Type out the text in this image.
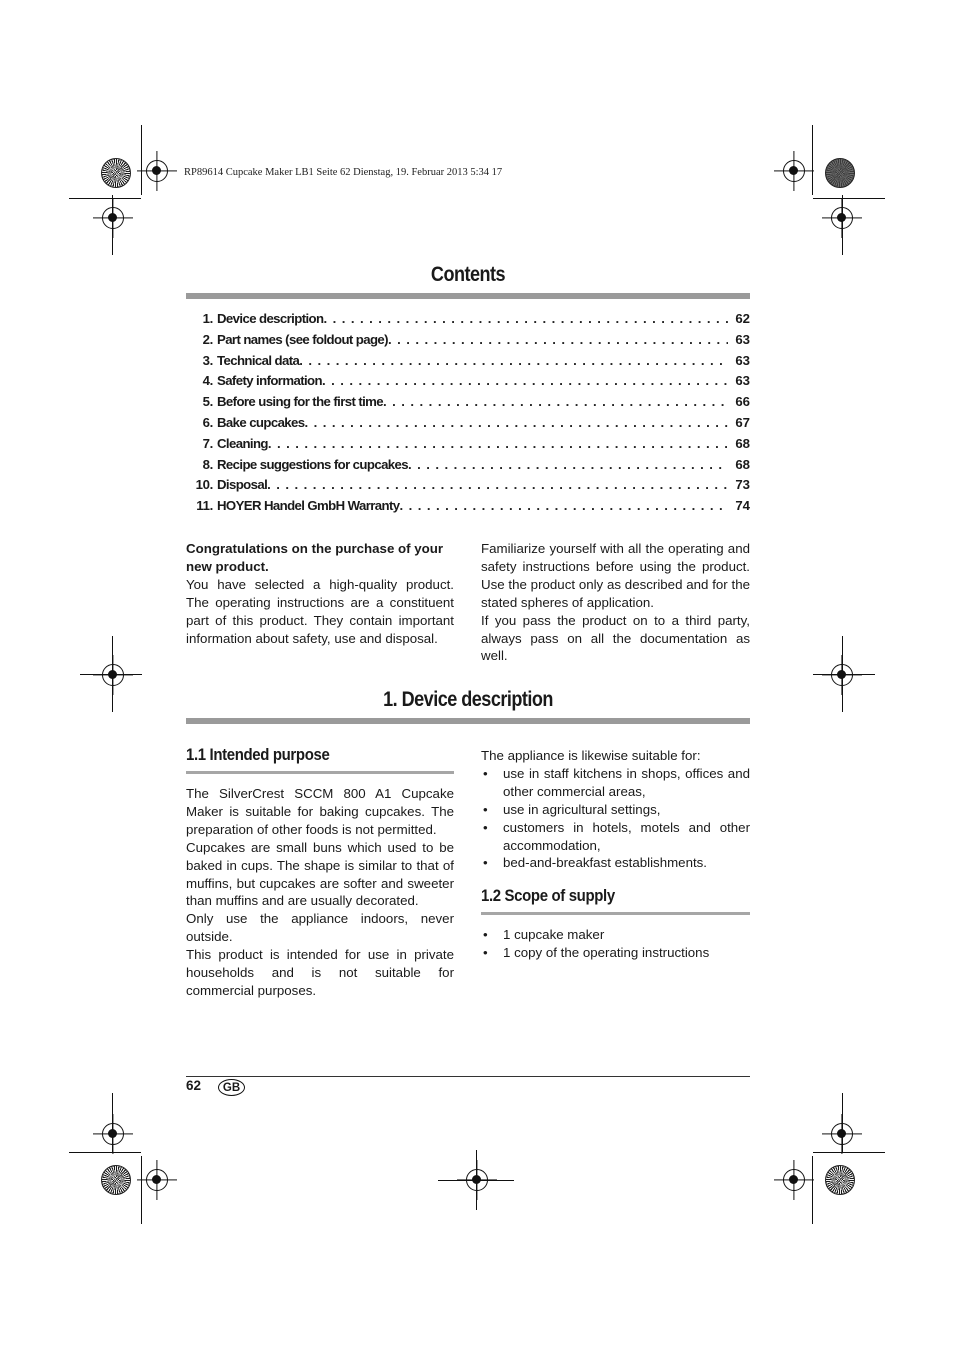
RP89614 Cupcake Maker LB1 Seite 62 Dienstag, 19. Februar 2013 5:34 17
Contents
1. Device description . . .	62
2. Part names (see foldout page) . . .	63
3. Technical data . . .	63
4. Safety information . . .	63
5. Before using for the first time . . .	66
6. Bake cupcakes . . .	67
7. Cleaning . . .	68
8. Recipe suggestions for cupcakes . . .	68
10. Disposal . . .	73
11. HOYER Handel GmbH Warranty . . .	74

Congratulations on the purchase of your new product.

You have selected a high-quality product. The operating instructions are a constituent part of this product. They contain important information about safety, use and disposal.

Familiarize yourself with all the operating and safety instructions before using the product. Use the product only as described and for the stated spheres of application.

If you pass the product on to a third party, always pass on all the documentation as well.

1. Device description
1.1 Intended purpose

The SilverCrest SCCM 800 A1 Cupcake Maker is suitable for baking cupcakes. The preparation of other foods is not permitted.

Cupcakes are small buns which used to be baked in cups. The shape is similar to that of muffins, but cupcakes are softer and sweeter than muffins and are usually decorated.

Only use the appliance indoors, never outside.

This product is intended for use in private households and is not suitable for commercial purposes.

The appliance is likewise suitable for:

• use in staff kitchens in shops, offices and other commercial areas,
• use in agricultural settings,
• customers in hotels, motels and other accommodation,
• bed-and-breakfast establishments.
1.2 Scope of supply
• 1 cupcake maker
• 1 copy of the operating instructions
62	GB
